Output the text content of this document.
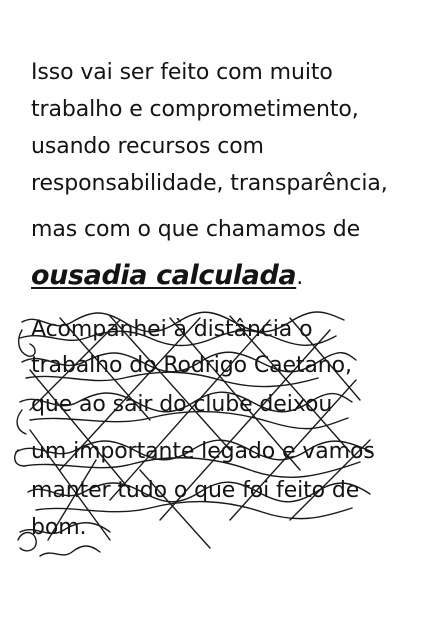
Isso vai ser feito com muito
trabalho e comprometimento,
usando recursos com
responsabilidade, transparência,
mas com o que chamamos de
ousadia calculada.
Acompanhei à distância o
trabalho do Rodrigo Caetano,
que ao sair do clube deixou
um importante legado e vamos
manter tudo o que foi feito de
bom.
